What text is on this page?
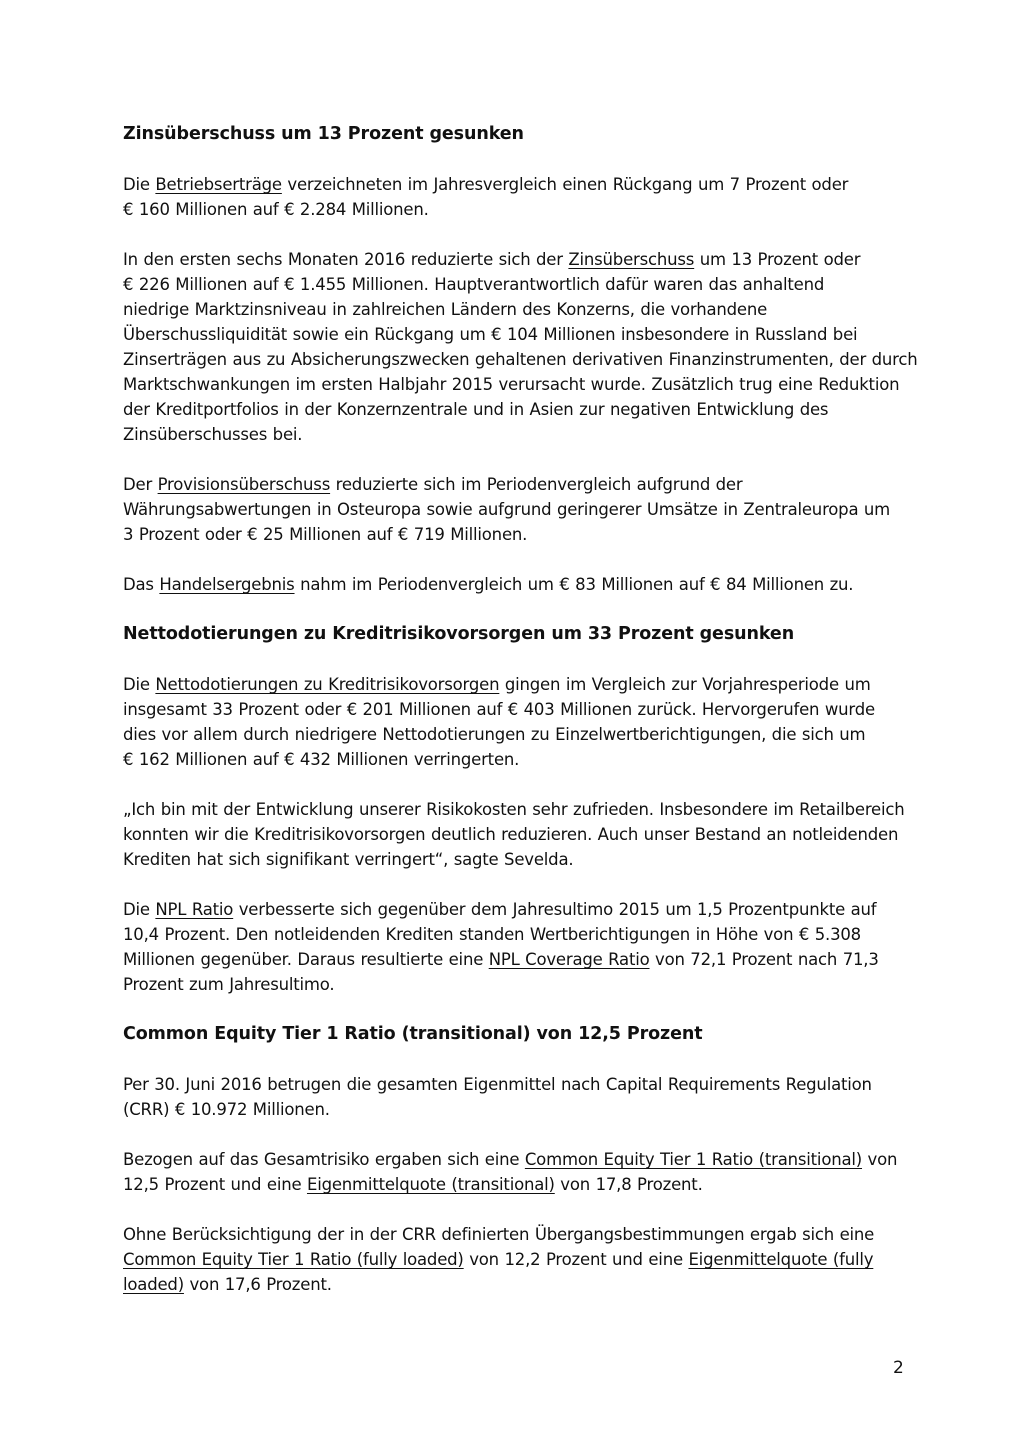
Zinsüberschuss um 13 Prozent gesunken

Die Betriebserträge verzeichneten im Jahresvergleich einen Rückgang um 7 Prozent oder
€ 160 Millionen auf € 2.284 Millionen.

In den ersten sechs Monaten 2016 reduzierte sich der Zinsüberschuss um 13 Prozent oder
€ 226 Millionen auf € 1.455 Millionen. Hauptverantwortlich dafür waren das anhaltend
niedrige Marktzinsniveau in zahlreichen Ländern des Konzerns, die vorhandene
Überschussliquidität sowie ein Rückgang um € 104 Millionen insbesondere in Russland bei
Zinserträgen aus zu Absicherungszwecken gehaltenen derivativen Finanzinstrumenten, der durch
Marktschwankungen im ersten Halbjahr 2015 verursacht wurde. Zusätzlich trug eine Reduktion
der Kreditportfolios in der Konzernzentrale und in Asien zur negativen Entwicklung des
Zinsüberschusses bei.

Der Provisionsüberschuss reduzierte sich im Periodenvergleich aufgrund der
Währungsabwertungen in Osteuropa sowie aufgrund geringerer Umsätze in Zentraleuropa um
3 Prozent oder € 25 Millionen auf € 719 Millionen.

Das Handelsergebnis nahm im Periodenvergleich um € 83 Millionen auf € 84 Millionen zu.

Nettodotierungen zu Kreditrisikovorsorgen um 33 Prozent gesunken

Die Nettodotierungen zu Kreditrisikovorsorgen gingen im Vergleich zur Vorjahresperiode um
insgesamt 33 Prozent oder € 201 Millionen auf € 403 Millionen zurück. Hervorgerufen wurde
dies vor allem durch niedrigere Nettodotierungen zu Einzelwertberichtigungen, die sich um
€ 162 Millionen auf € 432 Millionen verringerten.

„Ich bin mit der Entwicklung unserer Risikokosten sehr zufrieden. Insbesondere im Retailbereich
konnten wir die Kreditrisikovorsorgen deutlich reduzieren. Auch unser Bestand an notleidenden
Krediten hat sich signifikant verringert“, sagte Sevelda.

Die NPL Ratio verbesserte sich gegenüber dem Jahresultimo 2015 um 1,5 Prozentpunkte auf
10,4 Prozent. Den notleidenden Krediten standen Wertberichtigungen in Höhe von € 5.308
Millionen gegenüber. Daraus resultierte eine NPL Coverage Ratio von 72,1 Prozent nach 71,3
Prozent zum Jahresultimo.

Common Equity Tier 1 Ratio (transitional) von 12,5 Prozent

Per 30. Juni 2016 betrugen die gesamten Eigenmittel nach Capital Requirements Regulation
(CRR) € 10.972 Millionen.

Bezogen auf das Gesamtrisiko ergaben sich eine Common Equity Tier 1 Ratio (transitional) von
12,5 Prozent und eine Eigenmittelquote (transitional) von 17,8 Prozent.

Ohne Berücksichtigung der in der CRR definierten Übergangsbestimmungen ergab sich eine
Common Equity Tier 1 Ratio (fully loaded) von 12,2 Prozent und eine Eigenmittelquote (fully
loaded) von 17,6 Prozent.

2
